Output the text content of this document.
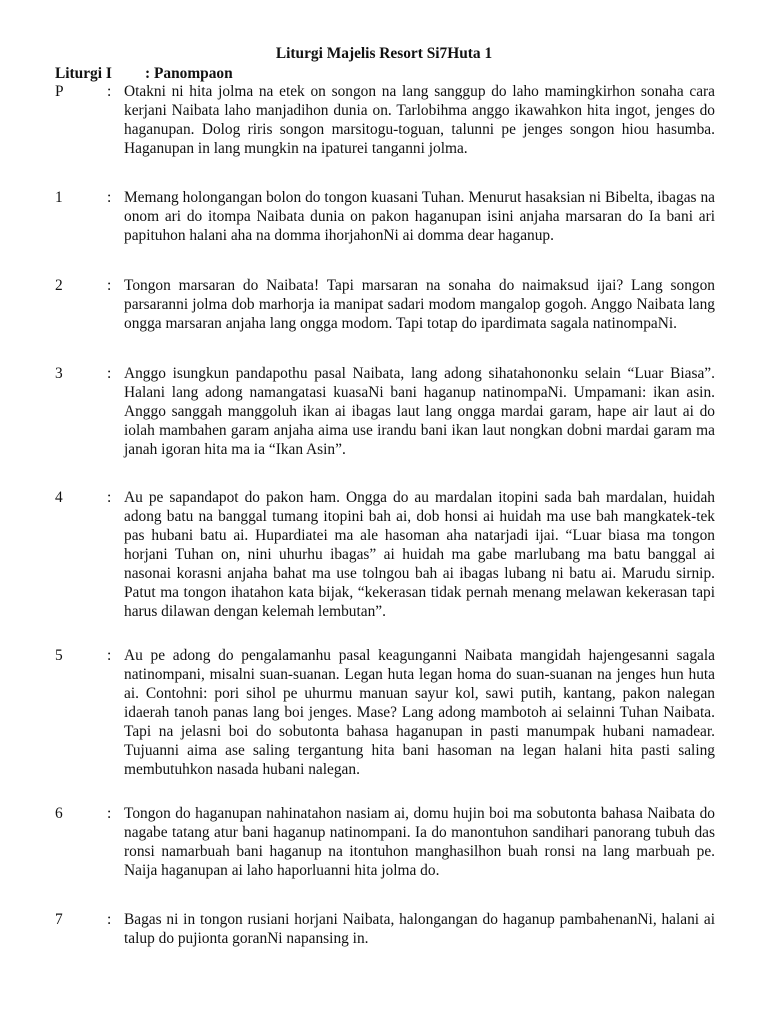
Liturgi Majelis Resort Si7Huta 1
Liturgi I : Panompaon
P	: Otakni ni hita jolma na etek on songon na lang sanggup do laho mamingkirhon sonaha cara kerjani Naibata laho manjadihon dunia on. Tarlobihma anggo ikawahkon hita ingot, jenges do haganupan. Dolog riris songon marsitogu-toguan, talunni pe jenges songon hiou hasumba. Haganupan in lang mungkin na ipaturei tanganni jolma.
1	: Memang holongangan bolon do tongon kuasani Tuhan. Menurut hasaksian ni Bibelta, ibagas na onom ari do itompa Naibata dunia on pakon haganupan isini anjaha marsaran do Ia bani ari papituhon halani aha na domma ihorjahonNi ai domma dear haganup.
2	: Tongon marsaran do Naibata! Tapi marsaran na sonaha do naimaksud ijai? Lang songon parsaranni jolma dob marhorja ia manipat sadari modom mangalop gogoh. Anggo Naibata lang ongga marsaran anjaha lang ongga modom. Tapi totap do ipardimata sagala natinompaNi.
3	: Anggo isungkun pandapothu pasal Naibata, lang adong sihatahononku selain “Luar Biasa”. Halani lang adong namangatasi kuasaNi bani haganup natinompaNi. Umpamani: ikan asin. Anggo sanggah manggoluh ikan ai ibagas laut lang ongga mardai garam, hape air laut ai do iolah mambahen garam anjaha aima use irandu bani ikan laut nongkan dobni mardai garam ma janah igoran hita ma ia “Ikan Asin”.
4	: Au pe sapandapot do pakon ham. Ongga do au mardalan itopini sada bah mardalan, huidah adong batu na banggal tumang itopini bah ai, dob honsi ai huidah ma use bah mangkatek-tek pas hubani batu ai. Hupardiatei ma ale hasoman aha natarjadi ijai. “Luar biasa ma tongon horjani Tuhan on, nini uhurhu ibagas” ai huidah ma gabe marlubang ma batu banggal ai nasonai korasni anjaha bahat ma use tolngou bah ai ibagas lubang ni batu ai. Marudu sirnip. Patut ma tongon ihatahon kata bijak, “kekerasan tidak pernah menang melawan kekerasan tapi harus dilawan dengan kelemah lembutan”.
5	: Au pe adong do pengalamanhu pasal keagunganni Naibata mangidah hajengesanni sagala natinompani, misalni suan-suanan. Legan huta legan homa do suan-suanan na jenges hun huta ai. Contohni: pori sihol pe uhurmu manuan sayur kol, sawi putih, kantang, pakon nalegan idaerah tanoh panas lang boi jenges. Mase? Lang adong mambotoh ai selainni Tuhan Naibata. Tapi na jelasni boi do sobutonta bahasa haganupan in pasti manumpak hubani namadear. Tujuanni aima ase saling tergantung hita bani hasoman na legan halani hita pasti saling membutuhkon nasada hubani nalegan.
6	: Tongon do haganupan nahinatahon nasiam ai, domu hujin boi ma sobutonta bahasa Naibata do nagabe tatang atur bani haganup natinompani. Ia do manontuhon sandihari panorang tubuh das ronsi namarbuah bani haganup na itontuhon manghasilhon buah ronsi na lang marbuah pe. Naija haganupan ai laho haporluanni hita jolma do.
7	: Bagas ni in tongon rusiani horjani Naibata, halongangan do haganup pambahenanNi, halani ai talup do pujionta goranNi napansing in.
